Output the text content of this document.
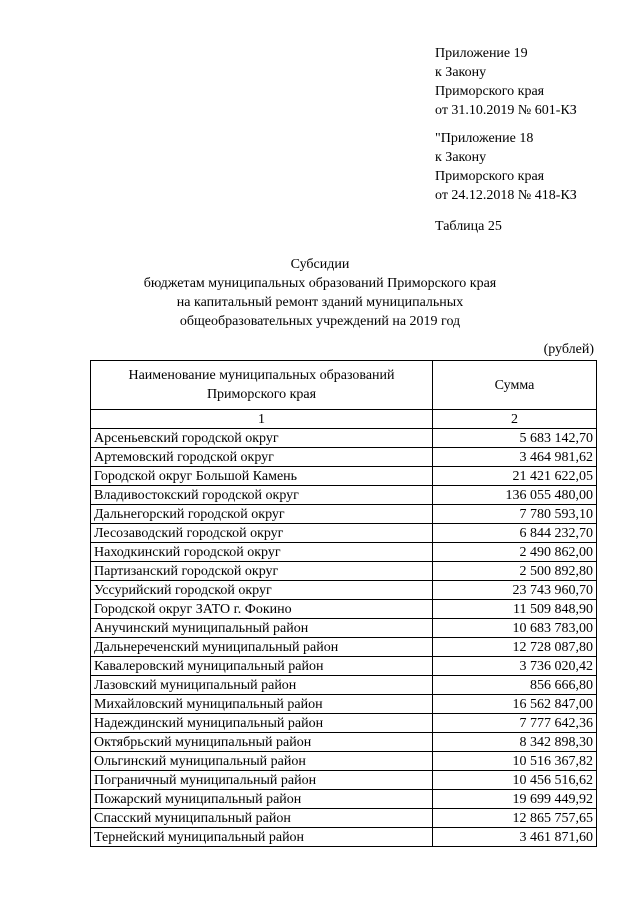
Приложение 19
к Закону
Приморского края
от 31.10.2019 № 601-КЗ
"Приложение 18
к Закону
Приморского края
от 24.12.2018 № 418-КЗ
Таблица 25
Субсидии
бюджетам муниципальных образований Приморского края
на капитальный ремонт зданий муниципальных
общеобразовательных учреждений на 2019 год
(рублей)
Наименование муниципальных образований
Приморского края	Сумма
1	2
Арсеньевский городской округ	5 683 142,70
Артемовский городской округ	3 464 981,62
Городской округ Большой Камень	21 421 622,05
Владивостокский городской округ	136 055 480,00
Дальнегорский городской округ	7 780 593,10
Лесозаводский городской округ	6 844 232,70
Находкинский городской округ	2 490 862,00
Партизанский городской округ	2 500 892,80
Уссурийский городской округ	23 743 960,70
Городской округ ЗАТО г. Фокино	11 509 848,90
Анучинский муниципальный район	10 683 783,00
Дальнереченский муниципальный район	12 728 087,80
Кавалеровский муниципальный район	3 736 020,42
Лазовский муниципальный район	856 666,80
Михайловский муниципальный район	16 562 847,00
Надеждинский муниципальный район	7 777 642,36
Октябрьский муниципальный район	8 342 898,30
Ольгинский муниципальный район	10 516 367,82
Пограничный муниципальный район	10 456 516,62
Пожарский муниципальный район	19 699 449,92
Спасский муниципальный район	12 865 757,65
Тернейский муниципальный район	3 461 871,60
